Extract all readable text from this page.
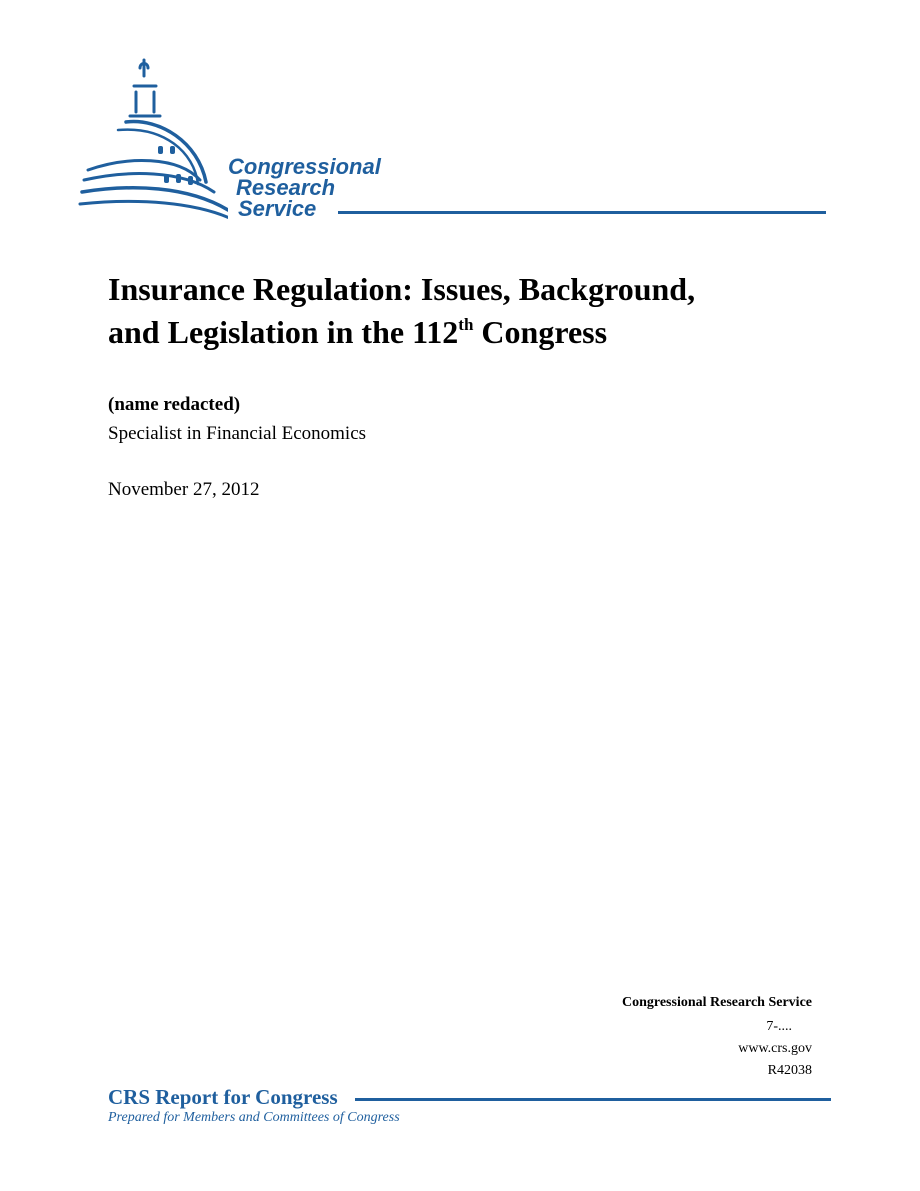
Congressional
Research
Service
Insurance Regulation: Issues, Background,
and Legislation in the 112th Congress
(name redacted)
Specialist in Financial Economics
November 27, 2012
Congressional Research Service
7-....
www.crs.gov
R42038
CRS Report for Congress
Prepared for Members and Committees of Congress
